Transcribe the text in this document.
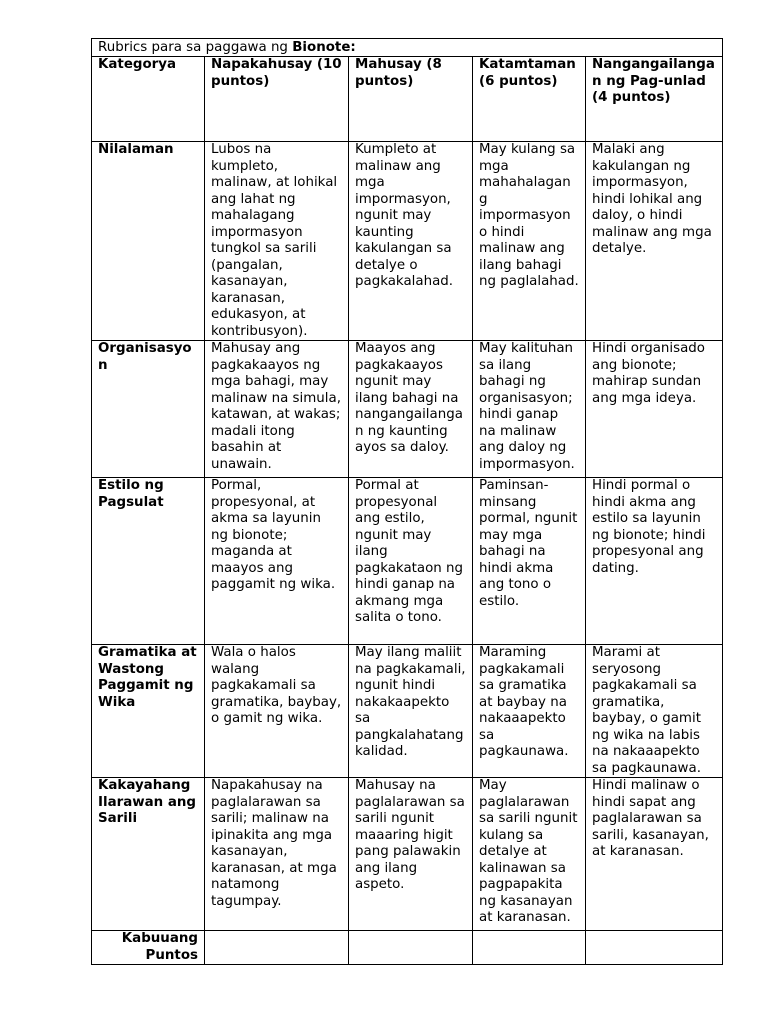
Rubrics para sa paggawa ng Bionote:				
Kategorya	Napakahusay (10 puntos)	Mahusay (8 puntos)	Katamtaman (6 puntos)	Nangangailangan ng Pag-unlad (4 puntos)
Nilalaman	Lubos na kumpleto, malinaw, at lohikal ang lahat ng mahalagang impormasyon tungkol sa sarili (pangalan, kasanayan, karanasan, edukasyon, at kontribusyon).	Kumpleto at malinaw ang mga impormasyon, ngunit may kaunting kakulangan sa detalye o pagkakalahad.	May kulang sa mga mahahalagang impormasyon o hindi malinaw ang ilang bahagi ng paglalahad.	Malaki ang kakulangan ng impormasyon, hindi lohikal ang daloy, o hindi malinaw ang mga detalye.
Organisasyon	Mahusay ang pagkakaayos ng mga bahagi, may malinaw na simula, katawan, at wakas; madali itong basahin at unawain.	Maayos ang pagkakaayos ngunit may ilang bahagi na nangangailangan ng kaunting ayos sa daloy.	May kalituhan sa ilang bahagi ng organisasyon; hindi ganap na malinaw ang daloy ng impormasyon.	Hindi organisado ang bionote; mahirap sundan ang mga ideya.
Estilo ng Pagsulat	Pormal, propesyonal, at akma sa layunin ng bionote; maganda at maayos ang paggamit ng wika.	Pormal at propesyonal ang estilo, ngunit may ilang pagkakataon ng hindi ganap na akmang mga salita o tono.	Paminsan-minsang pormal, ngunit may mga bahagi na hindi akma ang tono o estilo.	Hindi pormal o hindi akma ang estilo sa layunin ng bionote; hindi propesyonal ang dating.
Gramatika at Wastong Paggamit ng Wika	Wala o halos walang pagkakamali sa gramatika, baybay, o gamit ng wika.	May ilang maliit na pagkakamali, ngunit hindi nakakaapekto sa pangkalahatang kalidad.	Maraming pagkakamali sa gramatika at baybay na nakaaapekto sa pagkaunawa.	Marami at seryosong pagkakamali sa gramatika, baybay, o gamit ng wika na labis na nakaaapekto sa pagkaunawa.
Kakayahang Ilarawan ang Sarili	Napakahusay na paglalarawan sa sarili; malinaw na ipinakita ang mga kasanayan, karanasan, at mga natamong tagumpay.	Mahusay na paglalarawan sa sarili ngunit maaaring higit pang palawakin ang ilang aspeto.	May paglalarawan sa sarili ngunit kulang sa detalye at kalinawan sa pagpapakita ng kasanayan at karanasan.	Hindi malinaw o hindi sapat ang paglalarawan sa sarili, kasanayan, at karanasan.
Kabuuang Puntos				
